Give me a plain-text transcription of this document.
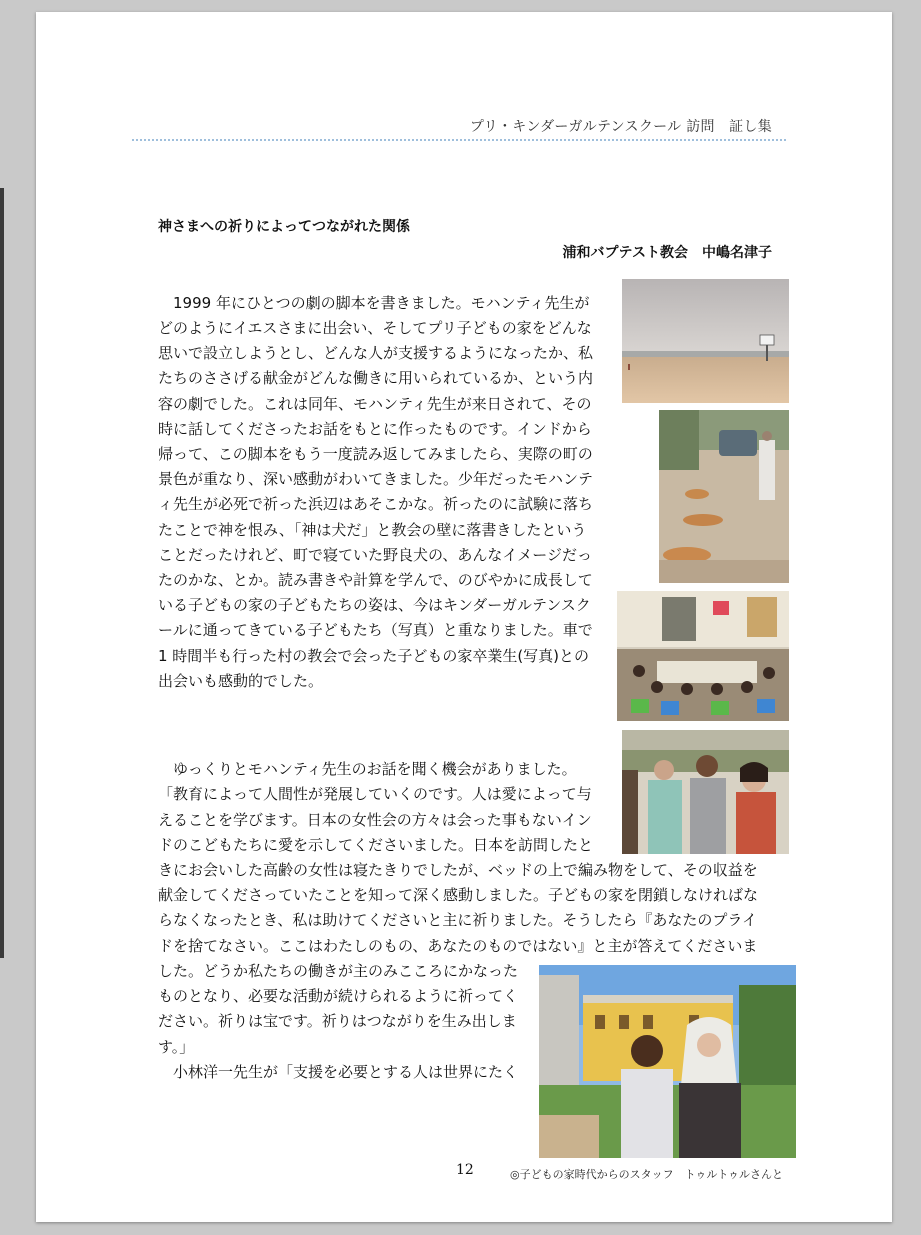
プリ・キンダーガルテンスクール 訪問　証し集
神さまへの祈りによってつながれた関係
浦和バプテスト教会　中嶋名津子

　1999 年にひとつの劇の脚本を書きました。モハンティ先生が

どのようにイエスさまに出会い、そしてプリ子どもの家をどんな

思いで設立しようとし、どんな人が支援するようになったか、私

たちのささげる献金がどんな働きに用いられているか、という内

容の劇でした。これは同年、モハンティ先生が来日されて、その

時に話してくださったお話をもとに作ったものです。インドから

帰って、この脚本をもう一度読み返してみましたら、実際の町の

景色が重なり、深い感動がわいてきました。少年だったモハンテ

ィ先生が必死で祈った浜辺はあそこかな。祈ったのに試験に落ち

たことで神を恨み、「神は犬だ」と教会の壁に落書きしたという

ことだったけれど、町で寝ていた野良犬の、あんなイメージだっ

たのかな、とか。読み書きや計算を学んで、のびやかに成長して

いる子どもの家の子どもたちの姿は、今はキンダーガルテンスク

ールに通ってきている子どもたち（写真）と重なりました。車で

1 時間半も行った村の教会で会った子どもの家卒業生(写真)との

出会いも感動的でした。

　ゆっくりとモハンティ先生のお話を聞く機会がありました。

「教育によって人間性が発展していくのです。人は愛によって与

えることを学びます。日本の女性会の方々は会った事もないイン

ドのこどもたちに愛を示してくださいました。日本を訪問したと

きにお会いした高齢の女性は寝たきりでしたが、ベッドの上で編み物をして、その収益を

献金してくださっていたことを知って深く感動しました。子どもの家を閉鎖しなければな

らなくなったとき、私は助けてくださいと主に祈りました。そうしたら『あなたのプライ

ドを捨てなさい。ここはわたしのもの、あなたのものではない』と主が答えてくださいま

した。どうか私たちの働きが主のみこころにかなった

ものとなり、必要な活動が続けられるように祈ってく

ださい。祈りは宝です。祈りはつながりを生み出しま

す。」

　小林洋一先生が「支援を必要とする人は世界にたく

12	◎子どもの家時代からのスタッフ　トゥルトゥルさんと
